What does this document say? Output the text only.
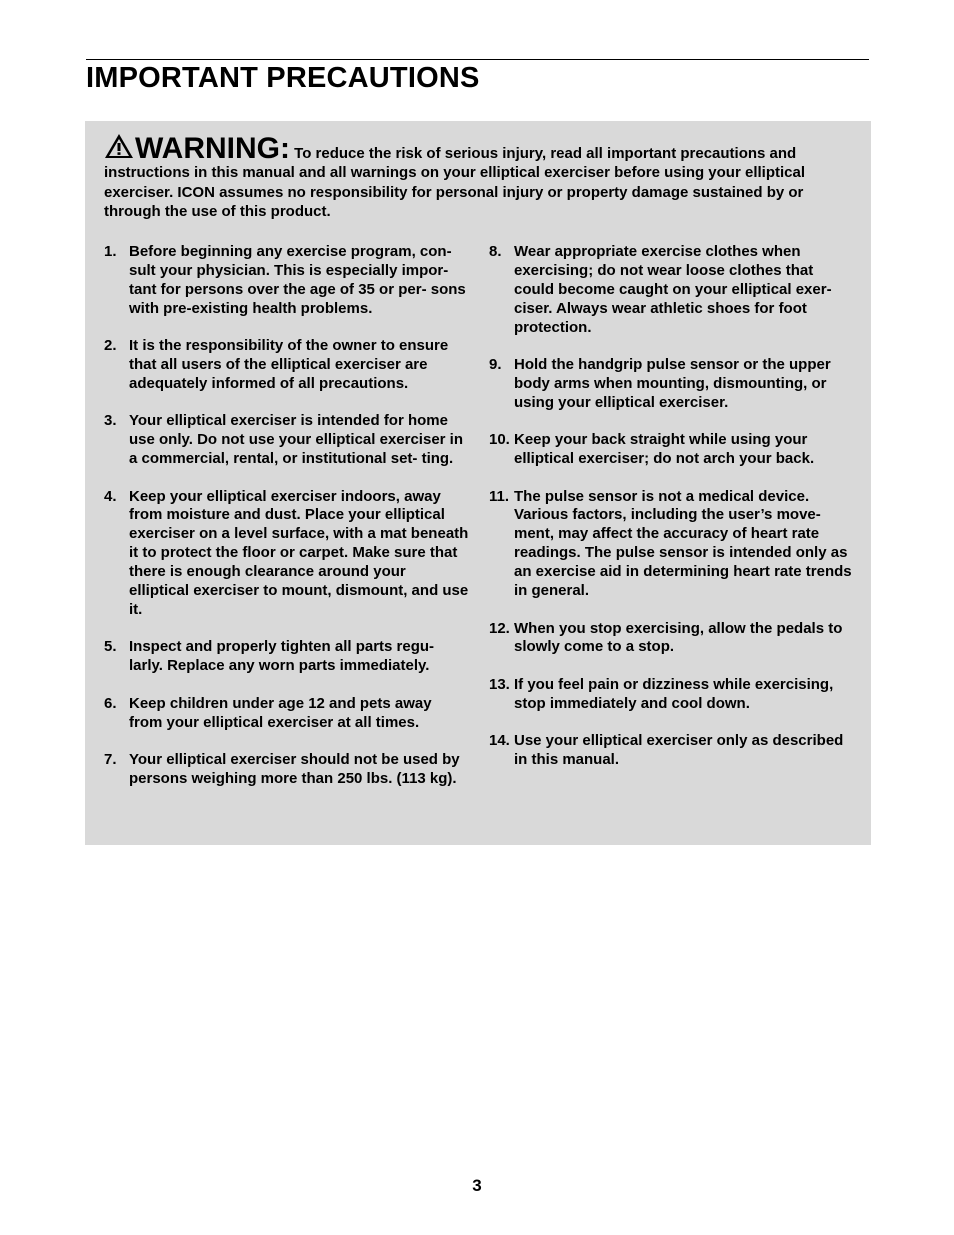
IMPORTANT PRECAUTIONS

WARNING: To reduce the risk of serious injury, read all important precautions and instructions in this manual and all warnings on your elliptical exerciser before using your elliptical exerciser. ICON assumes no responsibility for personal injury or property damage sustained by or through the use of this product.

1. Before beginning any exercise program, con- sult your physician. This is especially impor- tant for persons over the age of 35 or per- sons with pre-existing health problems.
2. It is the responsibility of the owner to ensure that all users of the elliptical exerciser are adequately informed of all precautions.
3. Your elliptical exerciser is intended for home use only. Do not use your elliptical exerciser in a commercial, rental, or institutional set- ting.
4. Keep your elliptical exerciser indoors, away from moisture and dust. Place your elliptical exerciser on a level surface, with a mat beneath it to protect the floor or carpet. Make sure that there is enough clearance around your elliptical exerciser to mount, dismount, and use it.
5. Inspect and properly tighten all parts regu- larly. Replace any worn parts immediately.
6. Keep children under age 12 and pets away from your elliptical exerciser at all times.
7. Your elliptical exerciser should not be used by persons weighing more than 250 lbs. (113 kg).
8. Wear appropriate exercise clothes when exercising; do not wear loose clothes that could become caught on your elliptical exer- ciser. Always wear athletic shoes for foot protection.
9. Hold the handgrip pulse sensor or the upper body arms when mounting, dismounting, or using your elliptical exerciser.
10. Keep your back straight while using your elliptical exerciser; do not arch your back.
11. The pulse sensor is not a medical device. Various factors, including the user’s move- ment, may affect the accuracy of heart rate readings. The pulse sensor is intended only as an exercise aid in determining heart rate trends in general.
12. When you stop exercising, allow the pedals to slowly come to a stop.
13. If you feel pain or dizziness while exercising, stop immediately and cool down.
14. Use your elliptical exerciser only as described in this manual.
3
